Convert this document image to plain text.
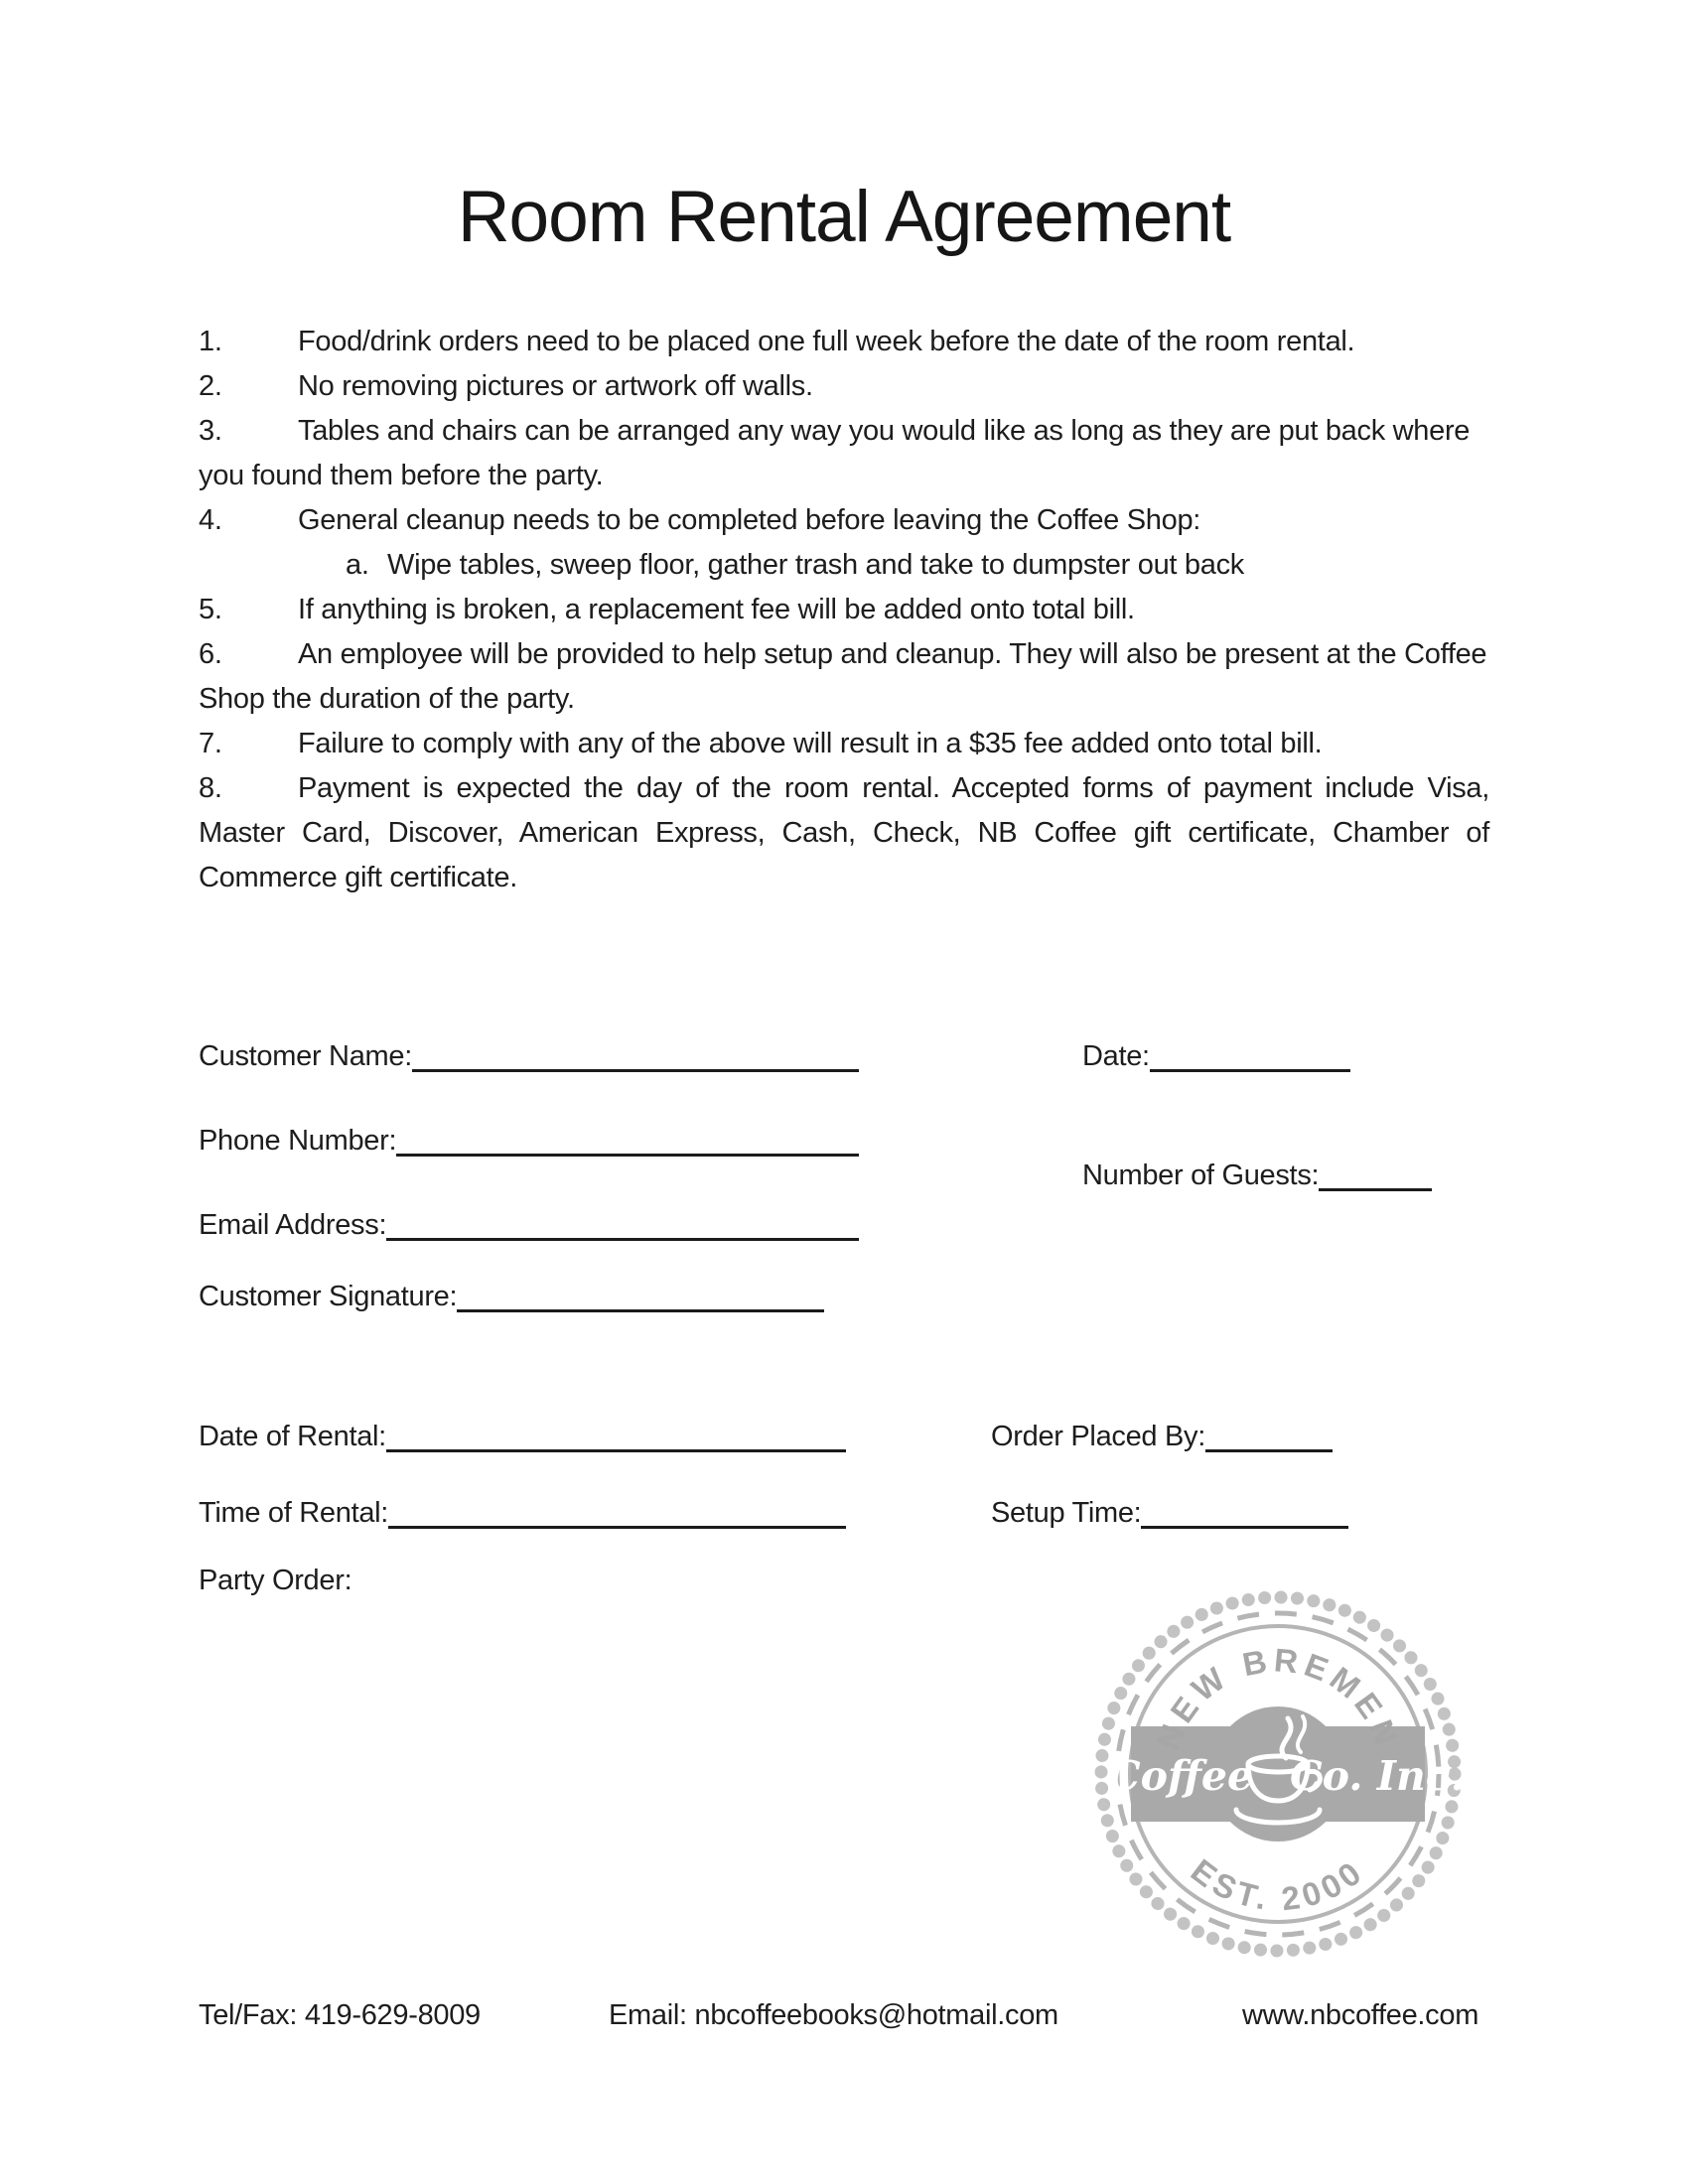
Room Rental Agreement
1.	Food/drink orders need to be placed one full week before the date of the room rental.
2.	No removing pictures or artwork off walls.
3.	Tables and chairs can be arranged any way you would like as long as they are put back where you found them before the party.
4.	General cleanup needs to be completed before leaving the Coffee Shop:
a. Wipe tables, sweep floor, gather trash and take to dumpster out back
5.	If anything is broken, a replacement fee will be added onto total bill.
6.	An employee will be provided to help setup and cleanup. They will also be present at the Coffee Shop the duration of the party.
7.	Failure to comply with any of the above will result in a $35 fee added onto total bill.
8.	Payment is expected the day of the room rental. Accepted forms of payment include Visa, Master Card, Discover, American Express, Cash, Check, NB Coffee gift certificate, Chamber of Commerce gift certificate.
Customer Name:	Date:
Phone Number:
Number of Guests:
Email Address:
Customer Signature:
Date of Rental:	Order Placed By:
Time of Rental:	Setup Time:
Party Order:
NEW BREMEN
EST. 2000
Coffee Co. Inc.
Tel/Fax: 419-629-8009	Email: nbcoffeebooks@hotmail.com	www.nbcoffee.com
